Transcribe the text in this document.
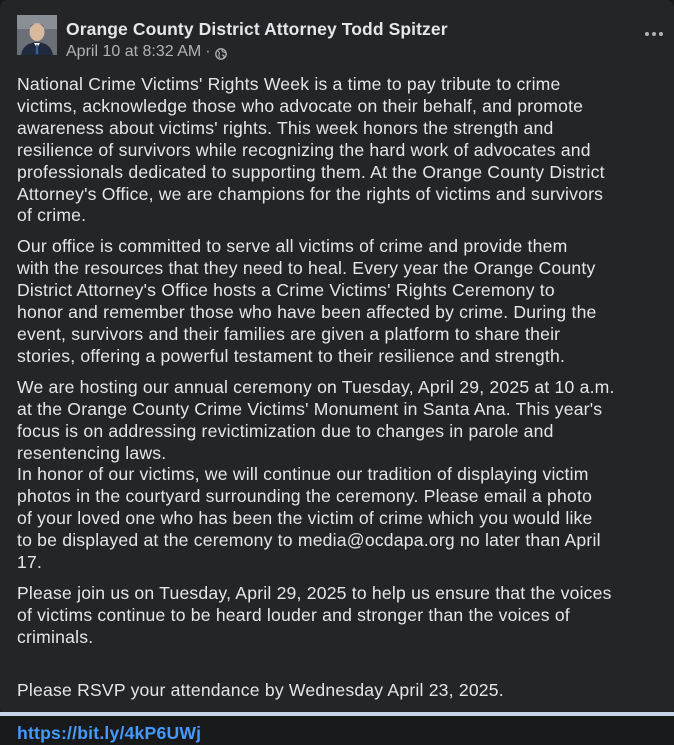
Orange County District Attorney Todd Spitzer
April 10 at 8:32 AM ·

National Crime Victims' Rights Week is a time to pay tribute to crime
victims, acknowledge those who advocate on their behalf, and promote
awareness about victims' rights. This week honors the strength and
resilience of survivors while recognizing the hard work of advocates and
professionals dedicated to supporting them. At the Orange County District
Attorney's Office, we are champions for the rights of victims and survivors
of crime.

Our office is committed to serve all victims of crime and provide them
with the resources that they need to heal. Every year the Orange County
District Attorney's Office hosts a Crime Victims' Rights Ceremony to
honor and remember those who have been affected by crime. During the
event, survivors and their families are given a platform to share their
stories, offering a powerful testament to their resilience and strength.

We are hosting our annual ceremony on Tuesday, April 29, 2025 at 10 a.m.
at the Orange County Crime Victims' Monument in Santa Ana. This year's
focus is on addressing revictimization due to changes in parole and
resentencing laws.
In honor of our victims, we will continue our tradition of displaying victim
photos in the courtyard surrounding the ceremony. Please email a photo
of your loved one who has been the victim of crime which you would like
to be displayed at the ceremony to media@ocdapa.org no later than April
17.

Please join us on Tuesday, April 29, 2025 to help us ensure that the voices
of victims continue to be heard louder and stronger than the voices of
criminals.

Please RSVP your attendance by Wednesday April 23, 2025.

https://bit.ly/4kP6UWj
